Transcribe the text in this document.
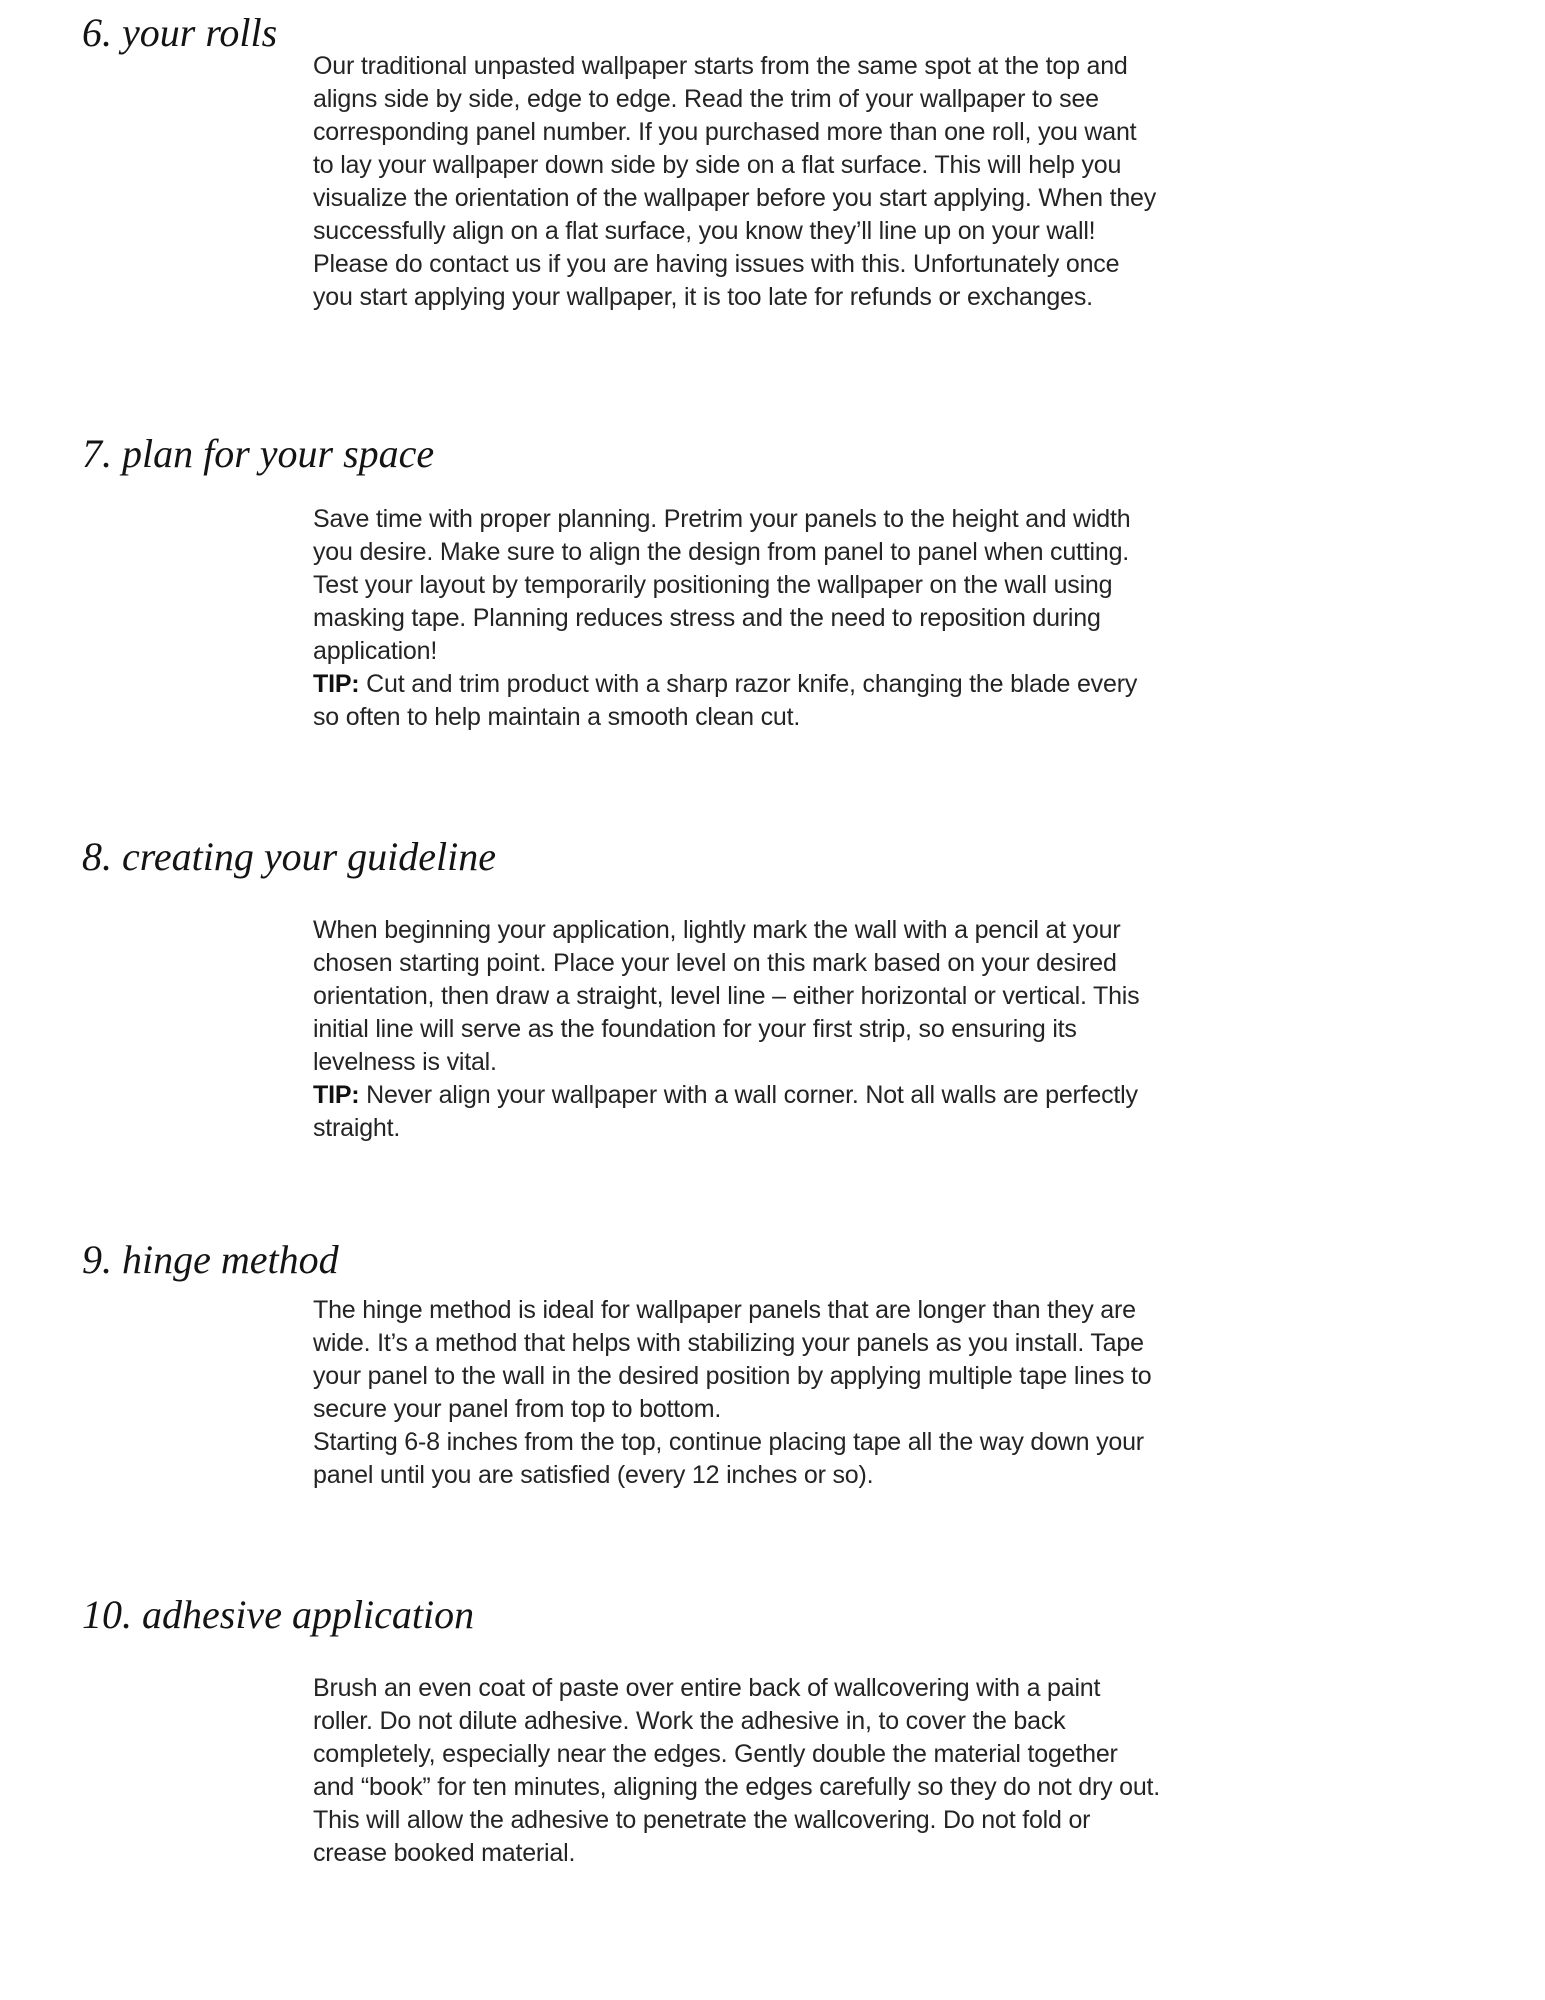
6. your rolls

Our traditional unpasted wallpaper starts from the same spot at the top and aligns side by side, edge to edge. Read the trim of your wallpaper to see corresponding panel number. If you purchased more than one roll, you want to lay your wallpaper down side by side on a flat surface. This will help you visualize the orientation of the wallpaper before you start applying. When they successfully align on a flat surface, you know they’ll line up on your wall! Please do contact us if you are having issues with this. Unfortunately once you start applying your wallpaper, it is too late for refunds or exchanges.

7. plan for your space

Save time with proper planning. Pretrim your panels to the height and width you desire. Make sure to align the design from panel to panel when cutting. Test your layout by temporarily positioning the wallpaper on the wall using masking tape. Planning reduces stress and the need to reposition during application!

TIP: Cut and trim product with a sharp razor knife, changing the blade every so often to help maintain a smooth clean cut.

8. creating your guideline

When beginning your application, lightly mark the wall with a pencil at your chosen starting point. Place your level on this mark based on your desired orientation, then draw a straight, level line – either horizontal or vertical. This initial line will serve as the foundation for your first strip, so ensuring its levelness is vital.

TIP: Never align your wallpaper with a wall corner. Not all walls are perfectly straight.

9. hinge method

The hinge method is ideal for wallpaper panels that are longer than they are wide. It’s a method that helps with stabilizing your panels as you install. Tape your panel to the wall in the desired position by applying multiple tape lines to secure your panel from top to bottom.

Starting 6-8 inches from the top, continue placing tape all the way down your panel until you are satisfied (every 12 inches or so).

10. adhesive application

Brush an even coat of paste over entire back of wallcovering with a paint roller. Do not dilute adhesive. Work the adhesive in, to cover the back completely, especially near the edges. Gently double the material together and “book” for ten minutes, aligning the edges carefully so they do not dry out. This will allow the adhesive to penetrate the wallcovering. Do not fold or crease booked material.
